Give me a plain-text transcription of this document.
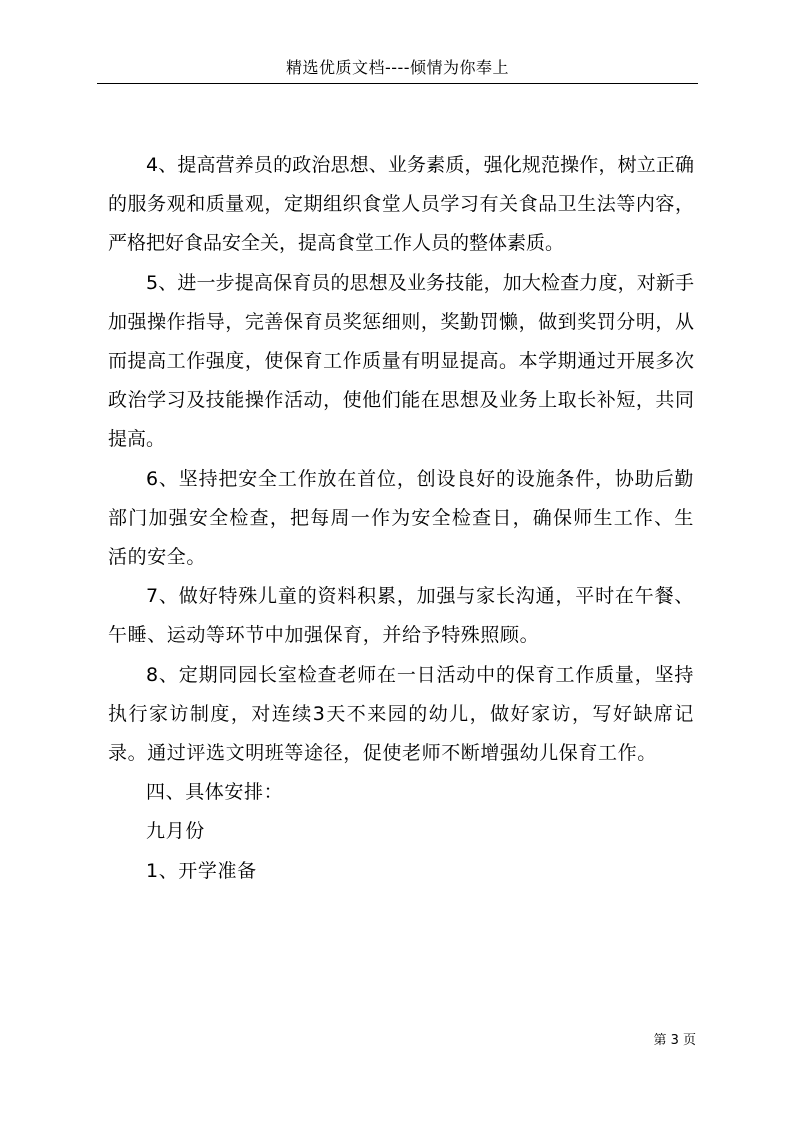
精选优质文档----倾情为你奉上

4、提高营养员的政治思想、业务素质，强化规范操作，树立正确的服务观和质量观，定期组织食堂人员学习有关食品卫生法等内容，严格把好食品安全关，提高食堂工作人员的整体素质。

5、进一步提高保育员的思想及业务技能，加大检查力度，对新手加强操作指导，完善保育员奖惩细则，奖勤罚懒，做到奖罚分明，从而提高工作强度，使保育工作质量有明显提高。本学期通过开展多次政治学习及技能操作活动，使他们能在思想及业务上取长补短，共同提高。

6、坚持把安全工作放在首位，创设良好的设施条件，协助后勤部门加强安全检查，把每周一作为安全检查日，确保师生工作、生活的安全。

7、做好特殊儿童的资料积累，加强与家长沟通，平时在午餐、午睡、运动等环节中加强保育，并给予特殊照顾。

8、定期同园长室检查老师在一日活动中的保育工作质量，坚持执行家访制度，对连续3天不来园的幼儿，做好家访，写好缺席记录。通过评选文明班等途径，促使老师不断增强幼儿保育工作。

四、具体安排：

九月份

1、开学准备

第 3 页
